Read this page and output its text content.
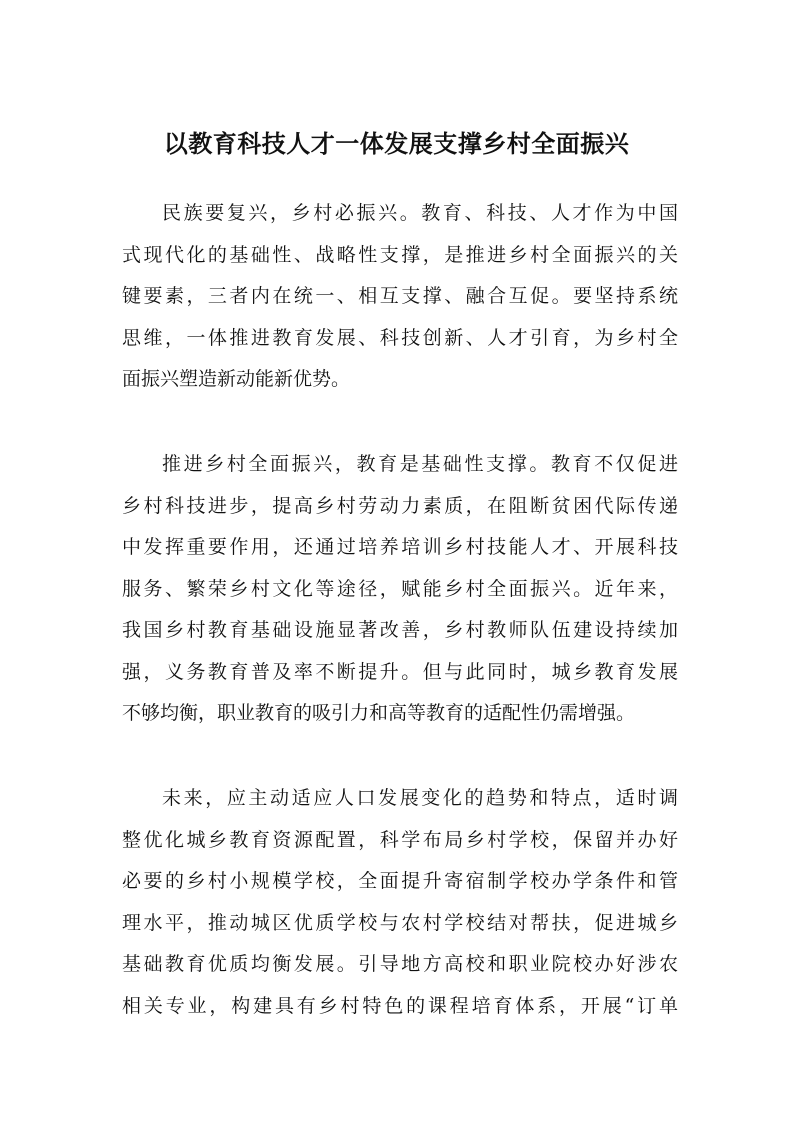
以教育科技人才一体发展支撑乡村全面振兴
民族要复兴，乡村必振兴。教育、科技、人才作为中国
式现代化的基础性、战略性支撑，是推进乡村全面振兴的关
键要素，三者内在统一、相互支撑、融合互促。要坚持系统
思维，一体推进教育发展、科技创新、人才引育，为乡村全
面振兴塑造新动能新优势。
推进乡村全面振兴，教育是基础性支撑。教育不仅促进
乡村科技进步，提高乡村劳动力素质，在阻断贫困代际传递
中发挥重要作用，还通过培养培训乡村技能人才、开展科技
服务、繁荣乡村文化等途径，赋能乡村全面振兴。近年来，
我国乡村教育基础设施显著改善，乡村教师队伍建设持续加
强，义务教育普及率不断提升。但与此同时，城乡教育发展
不够均衡，职业教育的吸引力和高等教育的适配性仍需增强。
未来，应主动适应人口发展变化的趋势和特点，适时调
整优化城乡教育资源配置，科学布局乡村学校，保留并办好
必要的乡村小规模学校，全面提升寄宿制学校办学条件和管
理水平，推动城区优质学校与农村学校结对帮扶，促进城乡
基础教育优质均衡发展。引导地方高校和职业院校办好涉农
相关专业，构建具有乡村特色的课程培育体系，开展“订单
